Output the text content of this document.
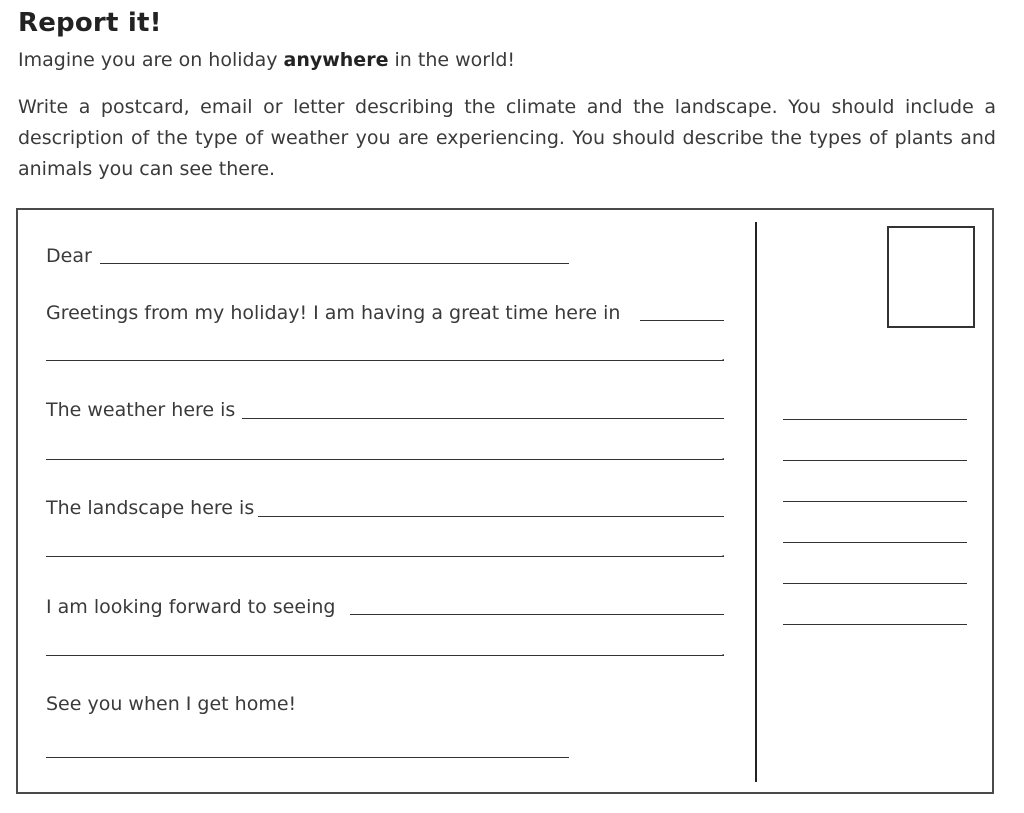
Report it!

Imagine you are on holiday anywhere in the world!

Write a postcard, email or letter describing the climate and the landscape. You should include a description of the type of weather you are experiencing. You should describe the types of plants and animals you can see there.

Dear
Greetings from my holiday! I am having a great time here in
.
The weather here is
.
The landscape here is
.
I am looking forward to seeing
.
See you when I get home!
